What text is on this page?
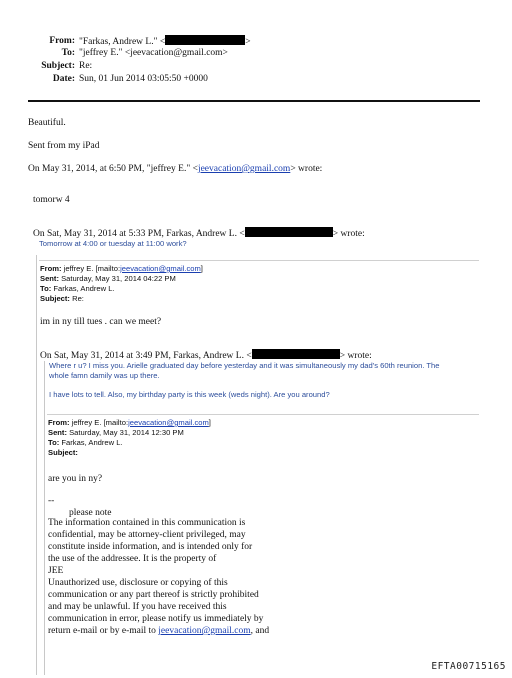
From: "Farkas, Andrew L." <	>
To: "jeffrey E." <jeevacation@gmail.com>
Subject: Re:
Date: Sun, 01 Jun 2014 03:05:50 +0000
Beautiful.
Sent from my iPad
On May 31, 2014, at 6:50 PM, "jeffrey E." <jeevacation@gmail.com> wrote:
tomorw 4
On Sat, May 31, 2014 at 5:33 PM, Farkas, Andrew L. <	> wrote:
Tomorrow at 4:00 or tuesday at 11:00 work?
From: jeffrey E. [mailto:jeevacation@gmail.com]
Sent: Saturday, May 31, 2014 04:22 PM
To: Farkas, Andrew L.
Subject: Re:
im in ny till tues . can we meet?
On Sat, May 31, 2014 at 3:49 PM, Farkas, Andrew L. <	> wrote:
Where r u? I miss you. Arielle graduated day before yesterday and it was simultaneously my dad's 60th reunion. The
whole famn damily was up there.
I have lots to tell. Also, my birthday party is this week (weds night). Are you around?
From: jeffrey E. [mailto:jeevacation@gmail.com]
Sent: Saturday, May 31, 2014 12:30 PM
To: Farkas, Andrew L.
Subject:
are you in ny?
--
please note
The information contained in this communication is
confidential, may be attorney-client privileged, may
constitute inside information, and is intended only for
the use of the addressee. It is the property of
JEE
Unauthorized use, disclosure or copying of this
communication or any part thereof is strictly prohibited
and may be unlawful. If you have received this
communication in error, please notify us immediately by
return e-mail or by e-mail to jeevacation@gmail.com, and
EFTA00715165
